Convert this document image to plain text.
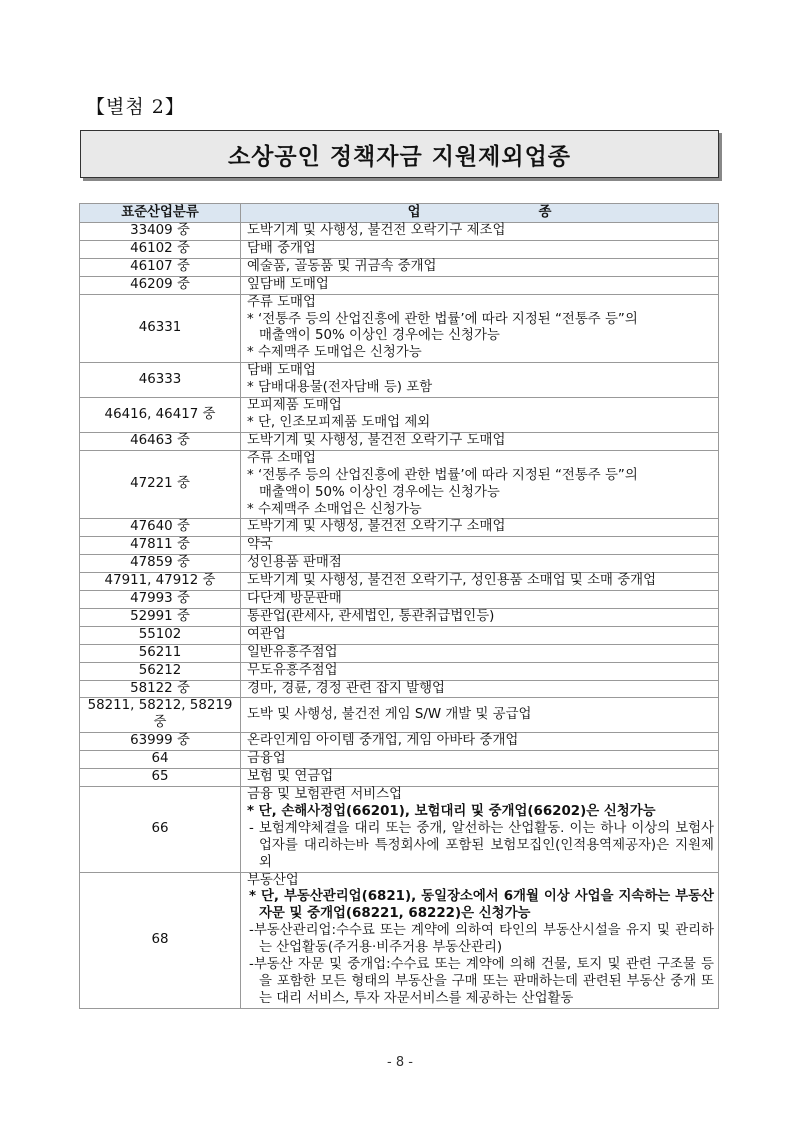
【별첨 2】
소상공인 정책자금 지원제외업종
표준산업분류	업 종
33409 중	도박기계 및 사행성, 불건전 오락기구 제조업

46102 중	담배 중개업

46107 중	예술품, 골동품 및 귀금속 중개업

46209 중	잎담배 도매업

46331	주류 도매업
* ‘전통주 등의 산업진흥에 관한 법률’에 따라 지정된 “전통주 등”의
매출액이 50% 이상인 경우에는 신청가능
* 수제맥주 도매업은 신청가능

46333	담배 도매업
* 담배대용물(전자담배 등) 포함

46416, 46417 중	모피제품 도매업
* 단, 인조모피제품 도매업 제외

46463 중	도박기계 및 사행성, 불건전 오락기구 도매업

47221 중	주류 소매업
* ‘전통주 등의 산업진흥에 관한 법률’에 따라 지정된 “전통주 등”의
매출액이 50% 이상인 경우에는 신청가능
* 수제맥주 소매업은 신청가능

47640 중	도박기계 및 사행성, 불건전 오락기구 소매업

47811 중	약국

47859 중	성인용품 판매점

47911, 47912 중	도박기계 및 사행성, 불건전 오락기구, 성인용품 소매업 및 소매 중개업

47993 중	다단계 방문판매

52991 중	통관업(관세사, 관세법인, 통관취급법인등)

55102	여관업

56211	일반유흥주점업

56212	무도유흥주점업

58122 중	경마, 경륜, 경정 관련 잡지 발행업

58211, 58212, 58219 중	도박 및 사행성, 불건전 게임 S/W 개발 및 공급업

63999 중	온라인게임 아이템 중개업, 게임 아바타 중개업

64	금융업

65	보험 및 연금업

66	금융 및 보험관련 서비스업
* 단, 손해사정업(66201), 보험대리 및 중개업(66202)은 신청가능
- 보험계약체결을 대리 또는 중개, 알선하는 산업활동. 이는 하나 이상의 보험사업자를 대리하는바 특정회사에 포함된 보험모집인(인적용역제공자)은 지원제외

68	부동산업
* 단, 부동산관리업(6821), 동일장소에서 6개월 이상 사업을 지속하는 부동산 자문 및 중개업(68221, 68222)은 신청가능
-부동산관리업:수수료 또는 계약에 의하여 타인의 부동산시설을 유지 및 관리하는 산업활동(주거용·비주거용 부동산관리)
-부동산 자문 및 중개업:수수료 또는 계약에 의해 건물, 토지 및 관련 구조물 등을 포함한 모든 형태의 부동산을 구매 또는 판매하는데 관련된 부동산 중개 또는 대리 서비스, 투자 자문서비스를 제공하는 산업활동
- 8 -
